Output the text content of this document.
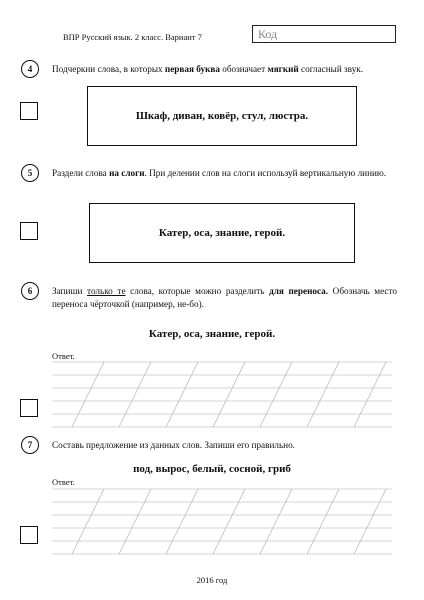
ВПР Русский язык. 2 класс. Вариант 7	Код
4	Подчеркни слова, в которых первая буква обозначает мягкий согласный звук.
Шкаф, диван, ковёр, стул, люстра.
5	Раздели слова на слоги. При делении слов на слоги используй вертикальную линию.
Катер, оса, знание, герой.
6	Запиши только те слова, которые можно разделить для переноса. Обозначь место переноса чёрточкой (например, не-бо).
Катер, оса, знание, герой.
Ответ.
7	Составь предложение из данных слов. Запиши его правильно.
под, вырос, белый, сосной, гриб
Ответ.
2016 год
